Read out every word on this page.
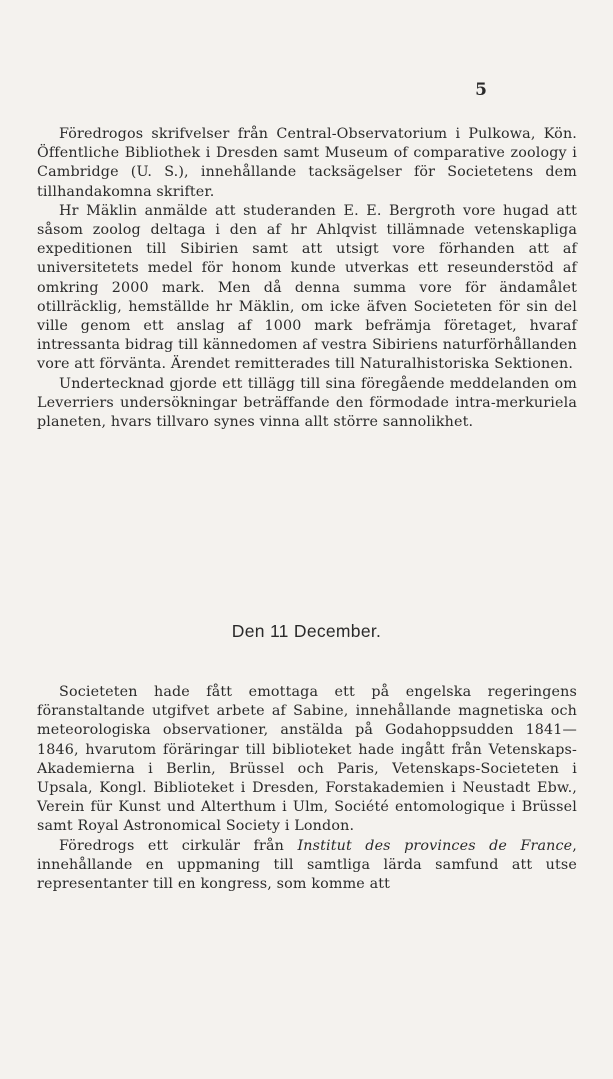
5

Föredrogos skrifvelser från Central-Observatorium i Pulkowa, Kön. Öffentliche Bibliothek i Dresden samt Museum of comparative zoology i Cambridge (U. S.), innehållande tacksägelser för Societetens dem tillhandakomna skrifter.

Hr Mäklin anmälde att studeranden E. E. Bergroth vore hugad att såsom zoolog deltaga i den af hr Ahlqvist tillämnade vetenskapliga expeditionen till Sibirien samt att utsigt vore förhanden att af universitetets medel för honom kunde utverkas ett reseunderstöd af omkring 2000 mark. Men då denna summa vore för ändamålet otillräcklig, hemställde hr Mäklin, om icke äfven Societeten för sin del ville genom ett anslag af 1000 mark befrämja företaget, hvaraf intressanta bidrag till kännedomen af vestra Sibiriens naturförhållanden vore att förvänta. Ärendet remitterades till Naturalhistoriska Sektionen.

Undertecknad gjorde ett tillägg till sina föregående meddelanden om Leverriers undersökningar beträffande den förmodade intra-merkuriela planeten, hvars tillvaro synes vinna allt större sannolikhet.

Den 11 December.

Societeten hade fått emottaga ett på engelska regeringens föranstaltande utgifvet arbete af Sabine, innehållande magnetiska och meteorologiska observationer, anstälda på Godahoppsudden 1841—1846, hvarutom föräringar till biblioteket hade ingått från Vetenskaps-Akademierna i Berlin, Brüssel och Paris, Vetenskaps-Societeten i Upsala, Kongl. Biblioteket i Dresden, Forstakademien i Neustadt Ebw., Verein für Kunst und Alterthum i Ulm, Société entomologique i Brüssel samt Royal Astronomical Society i London.

Föredrogs ett cirkulär från Institut des provinces de France, innehållande en uppmaning till samtliga lärda samfund att utse representanter till en kongress, som komme att
